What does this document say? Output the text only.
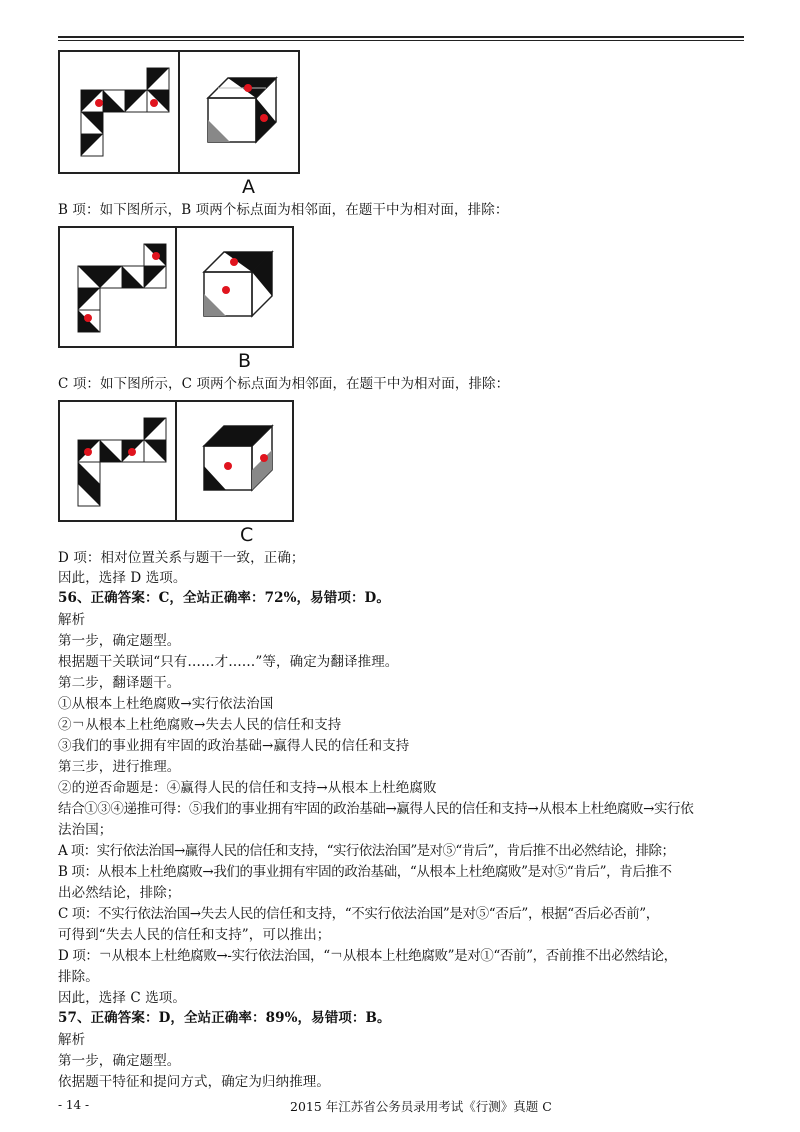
A
B 项：如下图所示，B 项两个标点面为相邻面，在题干中为相对面，排除：
B
C 项：如下图所示，C 项两个标点面为相邻面，在题干中为相对面，排除：
C
D 项：相对位置关系与题干一致，正确；
因此，选择 D 选项。
56、正确答案：C，全站正确率：72%，易错项：D。
解析
第一步，确定题型。
根据题干关联词“只有……才……”等，确定为翻译推理。
第二步，翻译题干。
①从根本上杜绝腐败→实行依法治国
②￢从根本上杜绝腐败→失去人民的信任和支持
③我们的事业拥有牢固的政治基础→赢得人民的信任和支持
第三步，进行推理。
②的逆否命题是：④赢得人民的信任和支持→从根本上杜绝腐败
结合①③④递推可得：⑤我们的事业拥有牢固的政治基础→赢得人民的信任和支持→从根本上杜绝腐败→实行依
法治国；
A 项：实行依法治国→赢得人民的信任和支持，“实行依法治国”是对⑤“肯后”，肯后推不出必然结论，排除；
B 项：从根本上杜绝腐败→我们的事业拥有牢固的政治基础，“从根本上杜绝腐败”是对⑤“肯后”，肯后推不
出必然结论，排除；
C 项：不实行依法治国→失去人民的信任和支持，“不实行依法治国”是对⑤“否后”，根据“否后必否前”，
可得到“失去人民的信任和支持”，可以推出；
D 项：￢从根本上杜绝腐败→-实行依法治国，“￢从根本上杜绝腐败”是对①“否前”，否前推不出必然结论，
排除。
因此，选择 C 选项。
57、正确答案：D，全站正确率：89%，易错项：B。
解析
第一步，确定题型。
依据题干特征和提问方式，确定为归纳推理。
- 14 -	2015 年江苏省公务员录用考试《行测》真题 C
